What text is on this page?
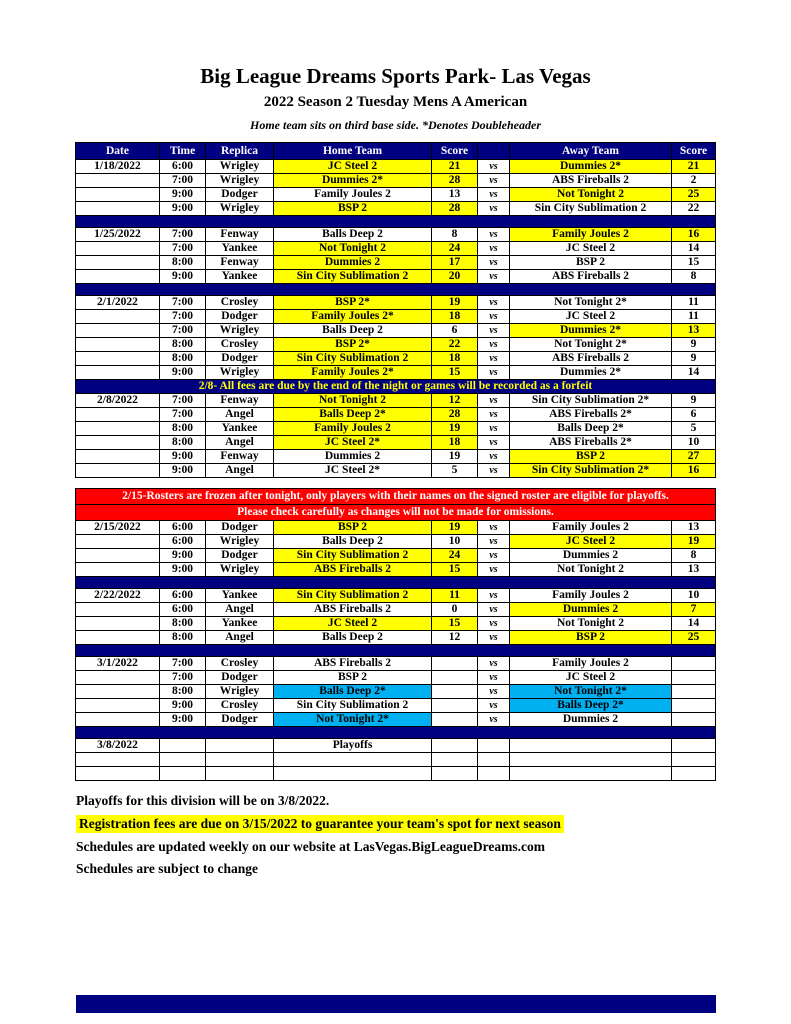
Big League Dreams Sports Park- Las Vegas
2022 Season 2 Tuesday Mens A American
Home team sits on third base side. *Denotes Doubleheader
Date	Time	Replica	Home Team	Score		Away Team	Score
1/18/2022	6:00	Wrigley	JC Steel 2	21	vs	Dummies 2*	21
	7:00	Wrigley	Dummies 2*	28	vs	ABS Fireballs 2	2
	9:00	Dodger	Family Joules 2	13	vs	Not Tonight 2	25
	9:00	Wrigley	BSP 2	28	vs	Sin City Sublimation 2	22

1/25/2022	7:00	Fenway	Balls Deep 2	8	vs	Family Joules 2	16
	7:00	Yankee	Not Tonight 2	24	vs	JC Steel 2	14
	8:00	Fenway	Dummies 2	17	vs	BSP 2	15
	9:00	Yankee	Sin City Sublimation 2	20	vs	ABS Fireballs 2	8

2/1/2022	7:00	Crosley	BSP 2*	19	vs	Not Tonight 2*	11
	7:00	Dodger	Family Joules 2*	18	vs	JC Steel 2	11
	7:00	Wrigley	Balls Deep 2	6	vs	Dummies 2*	13
	8:00	Crosley	BSP 2*	22	vs	Not Tonight 2*	9
	8:00	Dodger	Sin City Sublimation 2	18	vs	ABS Fireballs 2	9
	9:00	Wrigley	Family Joules 2*	15	vs	Dummies 2*	14
2/8- All fees are due by the end of the night or games will be recorded as a forfeit							
2/8/2022	7:00	Fenway	Not Tonight 2	12	vs	Sin City Sublimation 2*	9
	7:00	Angel	Balls Deep 2*	28	vs	ABS Fireballs 2*	6
	8:00	Yankee	Family Joules 2	19	vs	Balls Deep 2*	5
	8:00	Angel	JC Steel 2*	18	vs	ABS Fireballs 2*	10
	9:00	Fenway	Dummies 2	19	vs	BSP 2	27
	9:00	Angel	JC Steel 2*	5	vs	Sin City Sublimation 2*	16

2/15-Rosters are frozen after tonight, only players with their names on the signed roster are eligible for playoffs.							
Please check carefully as changes will not be made for omissions.							
2/15/2022	6:00	Dodger	BSP 2	19	vs	Family Joules 2	13
	6:00	Wrigley	Balls Deep 2	10	vs	JC Steel 2	19
	9:00	Dodger	Sin City Sublimation 2	24	vs	Dummies 2	8
	9:00	Wrigley	ABS Fireballs 2	15	vs	Not Tonight 2	13

2/22/2022	6:00	Yankee	Sin City Sublimation 2	11	vs	Family Joules 2	10
	6:00	Angel	ABS Fireballs 2	0	vs	Dummies 2	7
	8:00	Yankee	JC Steel 2	15	vs	Not Tonight 2	14
	8:00	Angel	Balls Deep 2	12	vs	BSP 2	25

3/1/2022	7:00	Crosley	ABS Fireballs 2		vs	Family Joules 2	
	7:00	Dodger	BSP 2		vs	JC Steel 2	
	8:00	Wrigley	Balls Deep 2*		vs	Not Tonight 2*	
	9:00	Crosley	Sin City Sublimation 2		vs	Balls Deep 2*	
	9:00	Dodger	Not Tonight 2*		vs	Dummies 2	

3/8/2022			Playoffs				

Playoffs for this division will be on 3/8/2022.
Registration fees are due on 3/15/2022 to guarantee your team's spot for next season
Schedules are updated weekly on our website at LasVegas.BigLeagueDreams.com
Schedules are subject to change
